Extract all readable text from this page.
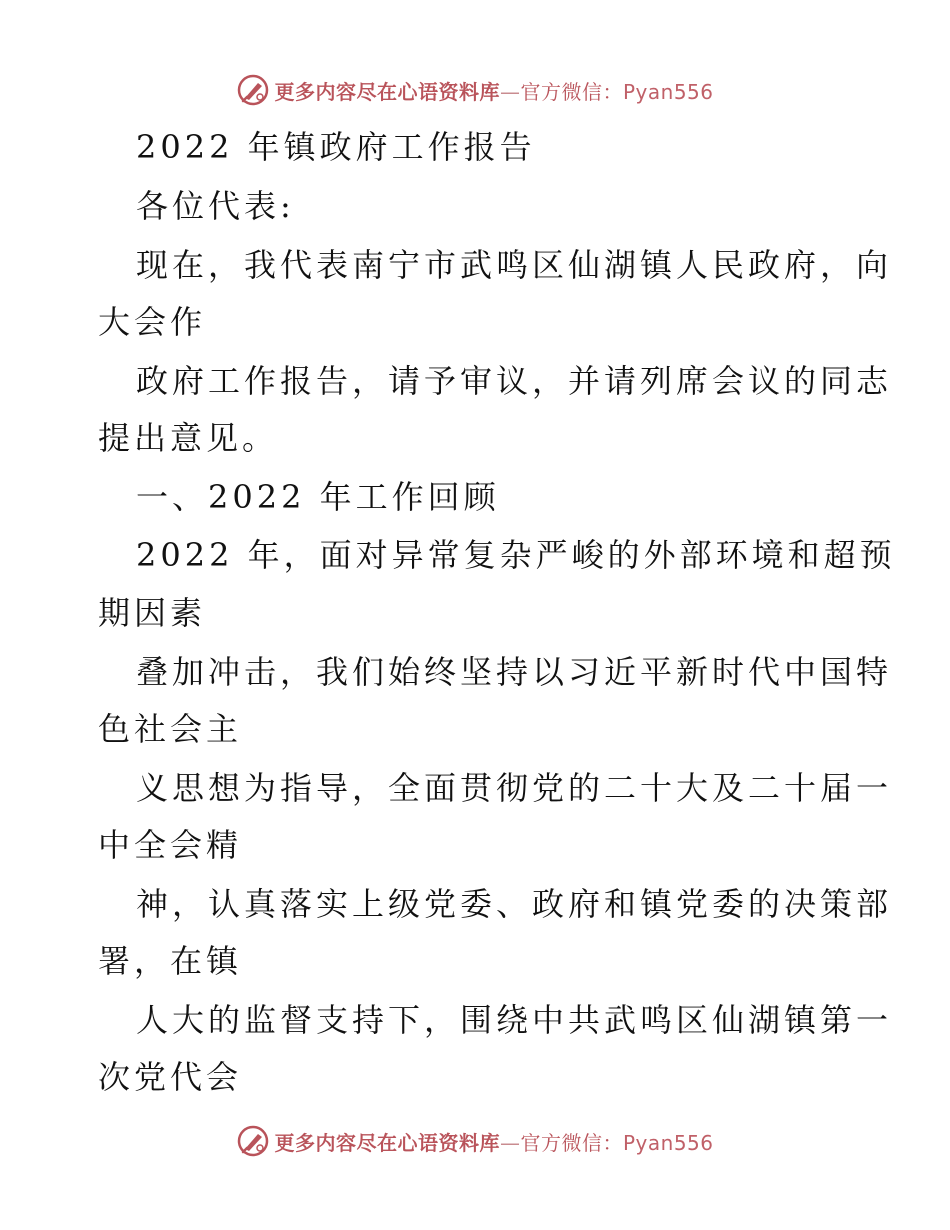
更多内容尽在心语资料库—官方微信：Pyan556
2022 年镇政府工作报告
各位代表:
现在，我代表南宁市武鸣区仙湖镇人民政府，向
大会作
政府工作报告，请予审议，并请列席会议的同志
提出意见。
一、2022 年工作回顾
2022 年，面对异常复杂严峻的外部环境和超预
期因素
叠加冲击，我们始终坚持以习近平新时代中国特
色社会主
义思想为指导，全面贯彻党的二十大及二十届一
中全会精
神，认真落实上级党委、政府和镇党委的决策部
署，在镇
人大的监督支持下，围绕中共武鸣区仙湖镇第一
次党代会
更多内容尽在心语资料库—官方微信：Pyan556
